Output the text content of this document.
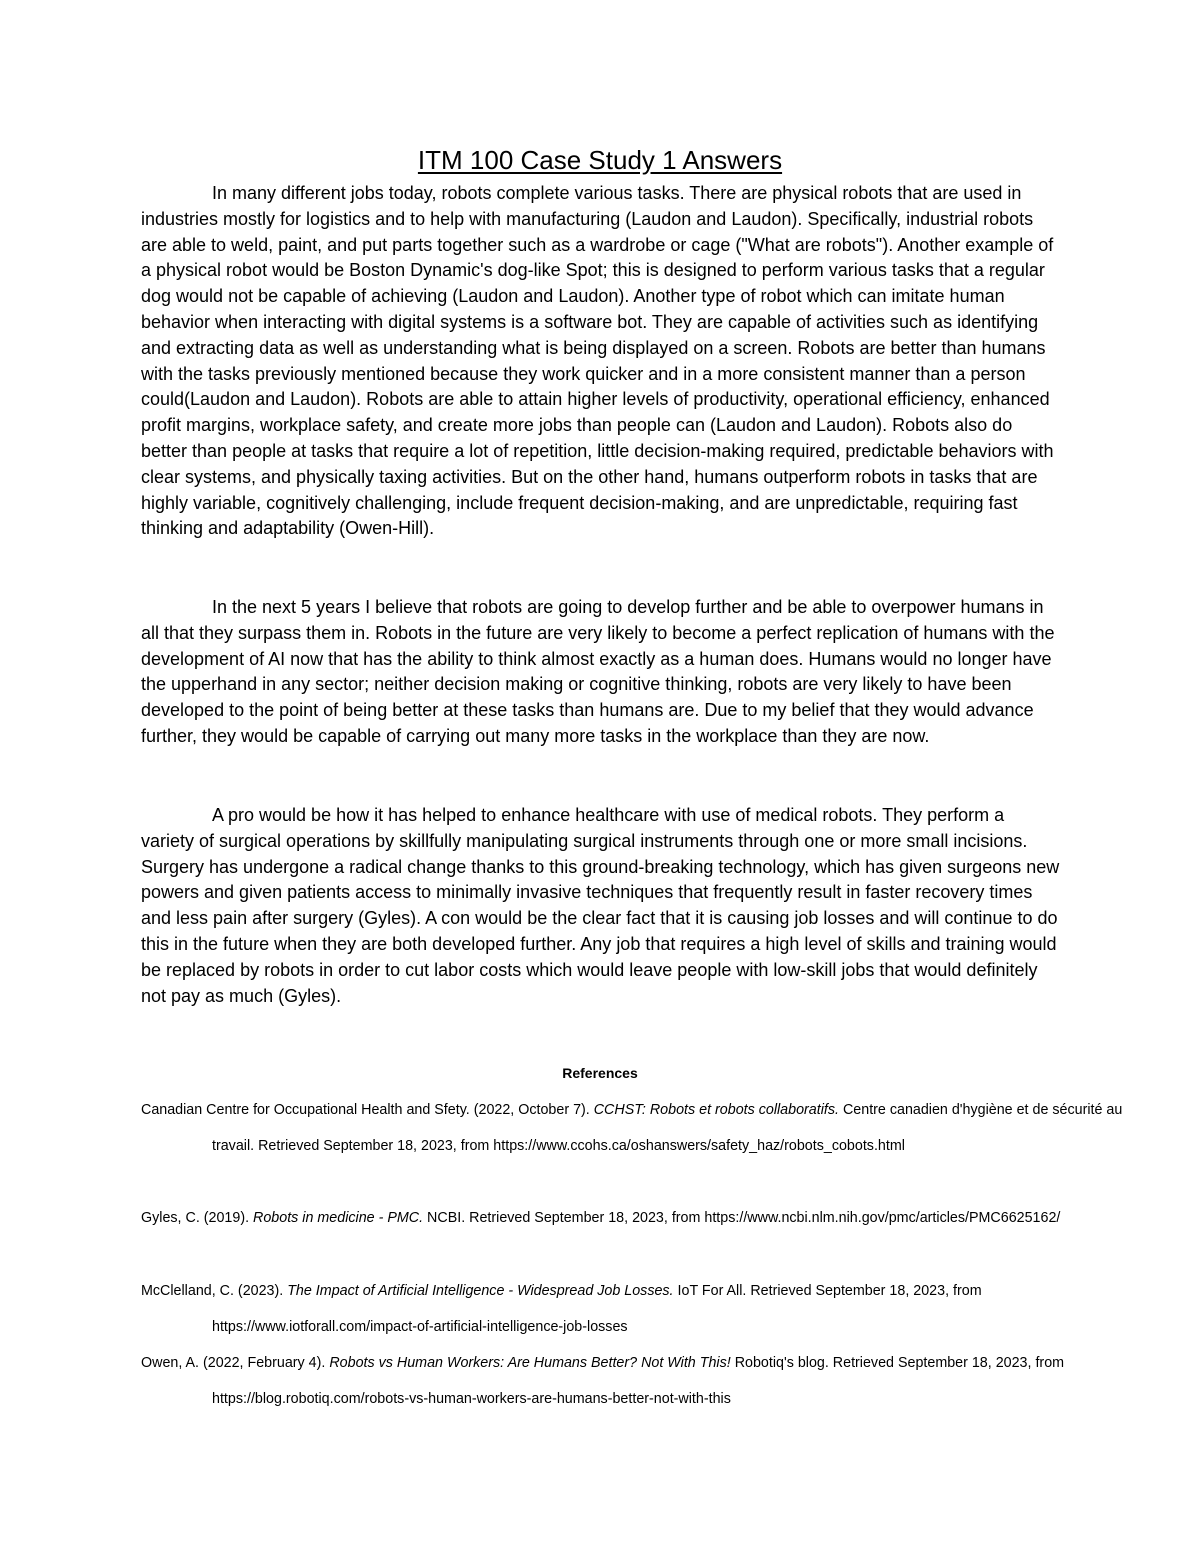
ITM 100 Case Study 1 Answers

In many different jobs today, robots complete various tasks. There are physical robots that are used in industries mostly for logistics and to help with manufacturing (Laudon and Laudon). Specifically, industrial robots are able to weld, paint, and put parts together such as a wardrobe or cage ("What are robots"). Another example of a physical robot would be Boston Dynamic's dog-like Spot; this is designed to perform various tasks that a regular dog would not be capable of achieving (Laudon and Laudon). Another type of robot which can imitate human behavior when interacting with digital systems is a software bot. They are capable of activities such as identifying and extracting data as well as understanding what is being displayed on a screen. Robots are better than humans with the tasks previously mentioned because they work quicker and in a more consistent manner than a person could(Laudon and Laudon). Robots are able to attain higher levels of productivity, operational efficiency, enhanced profit margins, workplace safety, and create more jobs than people can (Laudon and Laudon). Robots also do better than people at tasks that require a lot of repetition, little decision-making required, predictable behaviors with clear systems, and physically taxing activities. But on the other hand, humans outperform robots in tasks that are highly variable, cognitively challenging, include frequent decision-making, and are unpredictable, requiring fast thinking and adaptability (Owen-Hill).

In the next 5 years I believe that robots are going to develop further and be able to overpower humans in all that they surpass them in. Robots in the future are very likely to become a perfect replication of humans with the development of AI now that has the ability to think almost exactly as a human does. Humans would no longer have the upperhand in any sector; neither decision making or cognitive thinking, robots are very likely to have been developed to the point of being better at these tasks than humans are. Due to my belief that they would advance further, they would be capable of carrying out many more tasks in the workplace than they are now.

A pro would be how it has helped to enhance healthcare with use of medical robots. They perform a variety of surgical operations by skillfully manipulating surgical instruments through one or more small incisions. Surgery has undergone a radical change thanks to this ground-breaking technology, which has given surgeons new powers and given patients access to minimally invasive techniques that frequently result in faster recovery times and less pain after surgery (Gyles). A con would be the clear fact that it is causing job losses and will continue to do this in the future when they are both developed further. Any job that requires a high level of skills and training would be replaced by robots in order to cut labor costs which would leave people with low-skill jobs that would definitely not pay as much (Gyles).

References

Canadian Centre for Occupational Health and Sfety. (2022, October 7). CCHST: Robots et robots collaboratifs. Centre canadien d'hygiène et de sécurité au travail. Retrieved September 18, 2023, from https://www.ccohs.ca/oshanswers/safety_haz/robots_cobots.html

Gyles, C. (2019). Robots in medicine - PMC. NCBI. Retrieved September 18, 2023, from https://www.ncbi.nlm.nih.gov/pmc/articles/PMC6625162/

McClelland, C. (2023). The Impact of Artificial Intelligence - Widespread Job Losses. IoT For All. Retrieved September 18, 2023, from https://www.iotforall.com/impact-of-artificial-intelligence-job-losses

Owen, A. (2022, February 4). Robots vs Human Workers: Are Humans Better? Not With This! Robotiq's blog. Retrieved September 18, 2023, from https://blog.robotiq.com/robots-vs-human-workers-are-humans-better-not-with-this
